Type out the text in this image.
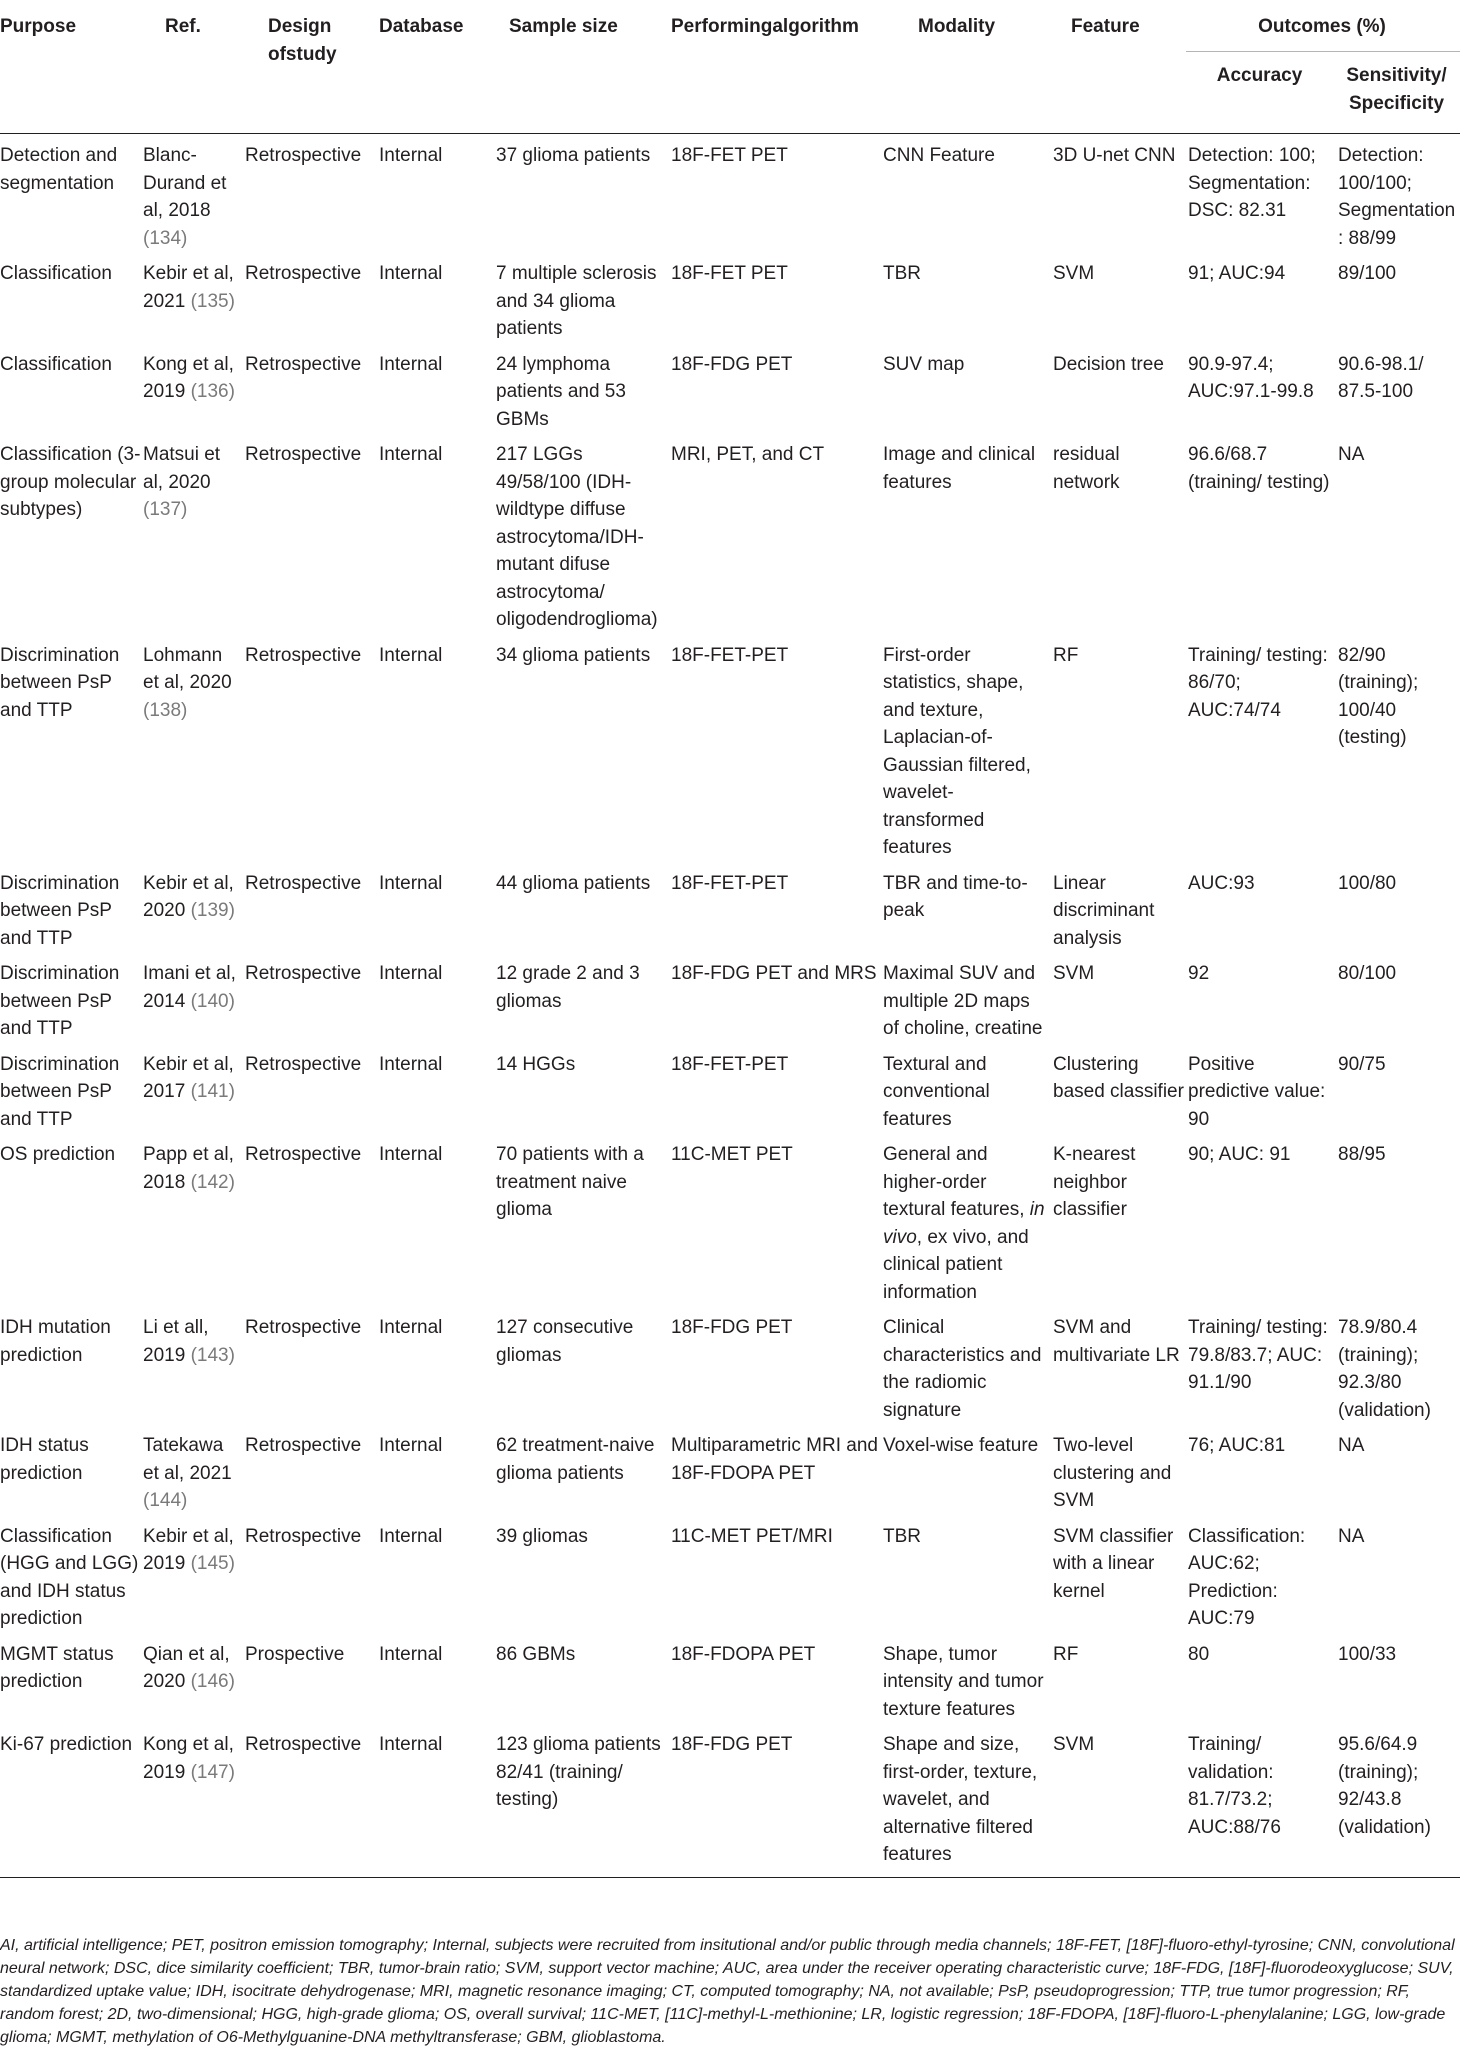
Purpose	Ref.	Design ofstudy	Database	Sample size	Performingalgorithm	Modality	Feature	Outcomes (%)	
								Accuracy	Sensitivity/ Specificity
Detection and segmentation	Blanc-Durand et al, 2018 (134)	Retrospective	Internal	37 glioma patients	18F-FET PET	CNN Feature	3D U-net CNN	Detection: 100; Segmentation: DSC: 82.31	Detection: 100/100; Segmentation: 88/99
Classification	Kebir et al, 2021 (135)	Retrospective	Internal	7 multiple sclerosis and 34 glioma patients	18F-FET PET	TBR	SVM	91; AUC:94	89/100
Classification	Kong et al, 2019 (136)	Retrospective	Internal	24 lymphoma patients and 53 GBMs	18F-FDG PET	SUV map	Decision tree	90.9-97.4; AUC:97.1-99.8	90.6-98.1/ 87.5-100
Classification (3-group molecular subtypes)	Matsui et al, 2020 (137)	Retrospective	Internal	217 LGGs 49/58/100 (IDH-wildtype diffuse astrocytoma/IDH-mutant difuse astrocytoma/ oligodendroglioma)	MRI, PET, and CT	Image and clinical features	residual network	96.6/68.7 (training/ testing)	NA
Discrimination between PsP and TTP	Lohmann et al, 2020 (138)	Retrospective	Internal	34 glioma patients	18F-FET-PET	First-order statistics, shape, and texture, Laplacian-of-Gaussian filtered, wavelet-transformed features	RF	Training/ testing: 86/70; AUC:74/74	82/90 (training); 100/40 (testing)
Discrimination between PsP and TTP	Kebir et al, 2020 (139)	Retrospective	Internal	44 glioma patients	18F-FET-PET	TBR and time-to-peak	Linear discriminant analysis	AUC:93	100/80
Discrimination between PsP and TTP	Imani et al, 2014 (140)	Retrospective	Internal	12 grade 2 and 3 gliomas	18F-FDG PET and MRS	Maximal SUV and multiple 2D maps of choline, creatine	SVM	92	80/100
Discrimination between PsP and TTP	Kebir et al, 2017 (141)	Retrospective	Internal	14 HGGs	18F-FET-PET	Textural and conventional features	Clustering based classifier	Positive predictive value: 90	90/75
OS prediction	Papp et al, 2018 (142)	Retrospective	Internal	70 patients with a treatment naive glioma	11C-MET PET	General and higher-order textural features, in vivo, ex vivo, and clinical patient information	K-nearest neighbor classifier	90; AUC: 91	88/95
IDH mutation prediction	Li et all, 2019 (143)	Retrospective	Internal	127 consecutive gliomas	18F-FDG PET	Clinical characteristics and the radiomic signature	SVM and multivariate LR	Training/ testing: 79.8/83.7; AUC: 91.1/90	78.9/80.4 (training); 92.3/80 (validation)
IDH status prediction	Tatekawa et al, 2021 (144)	Retrospective	Internal	62 treatment-naive glioma patients	Multiparametric MRI and 18F-FDOPA PET	Voxel-wise feature	Two-level clustering and SVM	76; AUC:81	NA
Classification (HGG and LGG) and IDH status prediction	Kebir et al, 2019 (145)	Retrospective	Internal	39 gliomas	11C-MET PET/MRI	TBR	SVM classifier with a linear kernel	Classification: AUC:62; Prediction: AUC:79	NA
MGMT status prediction	Qian et al, 2020 (146)	Prospective	Internal	86 GBMs	18F-FDOPA PET	Shape, tumor intensity and tumor texture features	RF	80	100/33
Ki-67 prediction	Kong et al, 2019 (147)	Retrospective	Internal	123 glioma patients 82/41 (training/ testing)	18F-FDG PET	Shape and size, first-order, texture, wavelet, and alternative filtered features	SVM	Training/ validation: 81.7/73.2; AUC:88/76	95.6/64.9 (training); 92/43.8 (validation)
AI, artificial intelligence; PET, positron emission tomography; Internal, subjects were recruited from insitutional and/or public through media channels; 18F-FET, [18F]-fluoro-ethyl-tyrosine; CNN, convolutional neural network; DSC, dice similarity coefficient; TBR, tumor-brain ratio; SVM, support vector machine; AUC, area under the receiver operating characteristic curve; 18F-FDG, [18F]-fluorodeoxyglucose; SUV, standardized uptake value; IDH, isocitrate dehydrogenase; MRI, magnetic resonance imaging; CT, computed tomography; NA, not available; PsP, pseudoprogression; TTP, true tumor progression; RF, random forest; 2D, two-dimensional; HGG, high-grade glioma; OS, overall survival; 11C-MET, [11C]-methyl-L-methionine; LR, logistic regression; 18F-FDOPA, [18F]-fluoro-L-phenylalanine; LGG, low-grade glioma; MGMT, methylation of O6-Methylguanine-DNA methyltransferase; GBM, glioblastoma.
